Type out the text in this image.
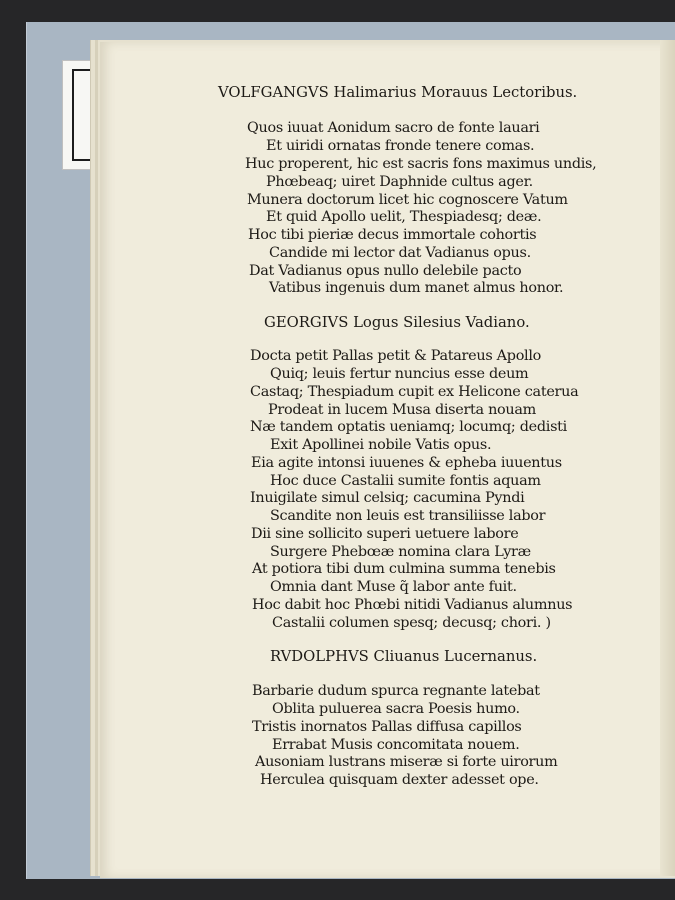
VOLFGANGVS Halimarius Morauus Lectoribus.
Quos iuuat Aonidum sacro de fonte lauari
Et uiridi ornatas fronde tenere comas.
Huc properent, hic est sacris fons maximus undis,
Phœbeaq; uiret Daphnide cultus ager.
Munera doctorum licet hic cognoscere Vatum
Et quid Apollo uelit, Thespiadesq; deæ.
Hoc tibi pieriæ decus immortale cohortis
Candide mi lector dat Vadianus opus.
Dat Vadianus opus nullo delebile pacto
Vatibus ingenuis dum manet almus honor.
GEORGIVS Logus Silesius Vadiano.
Docta petit Pallas petit & Patareus Apollo
Quiq; leuis fertur nuncius esse deum
Castaq; Thespiadum cupit ex Helicone cateruа
Prodeat in lucem Musa diserta nouam
Næ tandem optatis ueniamq; locumq; dedisti
Exit Apollinei nobile Vatis opus.
Eia agite intonsi iuuenes & epheba iuuentus
Hoc duce Castalii sumite fontis aquam
Inuigilate simul celsiq; cacumina Pyndi
Scandite non leuis est transiliisse labor
Dii sine sollicito superi uetuere labore
Surgere Phebœæ nomina clara Lyræ
At potiora tibi dum culmina summa tenebis
Omnia dant Muse q̃ labor ante fuit.
Hoc dabit hoc Phœbi nitidi Vadianus alumnus
Castalii columen spesq; decusq; chori. )
RVDOLPHVS Cliuanus Lucernanus.
Barbarie dudum spurca regnante latebat
Oblita puluerea sacra Poesis humo.
Tristis inornatos Pallas diffusa capillos
Errabat Musis concomitata nouem.
Ausoniam lustrans miseræ si forte uirorum
Herculea quisquam dexter adesset ope.
